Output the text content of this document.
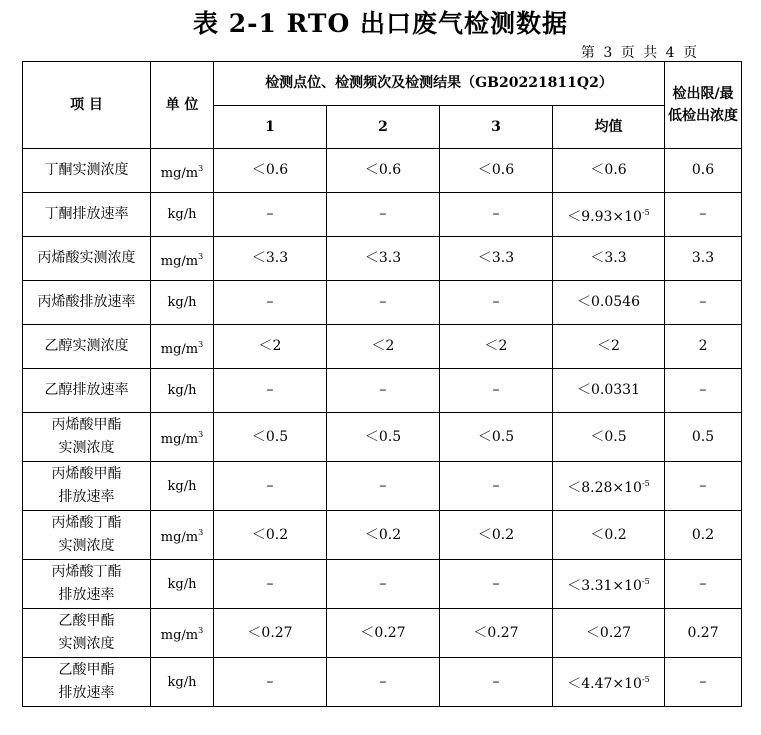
表 2-1 RTO 出口废气检测数据
第 3 页 共 4 页
项 目	单 位	检测点位、检测频次及检测结果（GB20221811Q2）				检出限/最低检出浓度
		1	2	3	均值	
丁酮实测浓度	$mg/m^3$	＜0.6	＜0.6	＜0.6	＜0.6	0.6
丁酮排放速率	kg/h	–	–	–	$<9.93\times 10^{-5}$	–
丙烯酸实测浓度	$mg/m^3$	＜3.3	＜3.3	＜3.3	＜3.3	3.3
丙烯酸排放速率	kg/h	–	–	–	＜0.0546	–
乙醇实测浓度	$mg/m^3$	＜2	＜2	＜2	＜2	2
乙醇排放速率	kg/h	–	–	–	＜0.0331	–

丙烯酸甲酯
实测浓度	$mg/m^3$	＜0.5	＜0.5	＜0.5	＜0.5	0.5

丙烯酸甲酯
排放速率	kg/h	–	–	–	$<8.28\times 10^{-5}$	–

丙烯酸丁酯
实测浓度	$mg/m^3$	＜0.2	＜0.2	＜0.2	＜0.2	0.2

丙烯酸丁酯
排放速率	kg/h	–	–	–	$<3.31\times 10^{-5}$	–

乙酸甲酯
实测浓度	$mg/m^3$	＜0.27	＜0.27	＜0.27	＜0.27	0.27

乙酸甲酯
排放速率	kg/h	–	–	–	$<4.47\times 10^{-5}$	–
